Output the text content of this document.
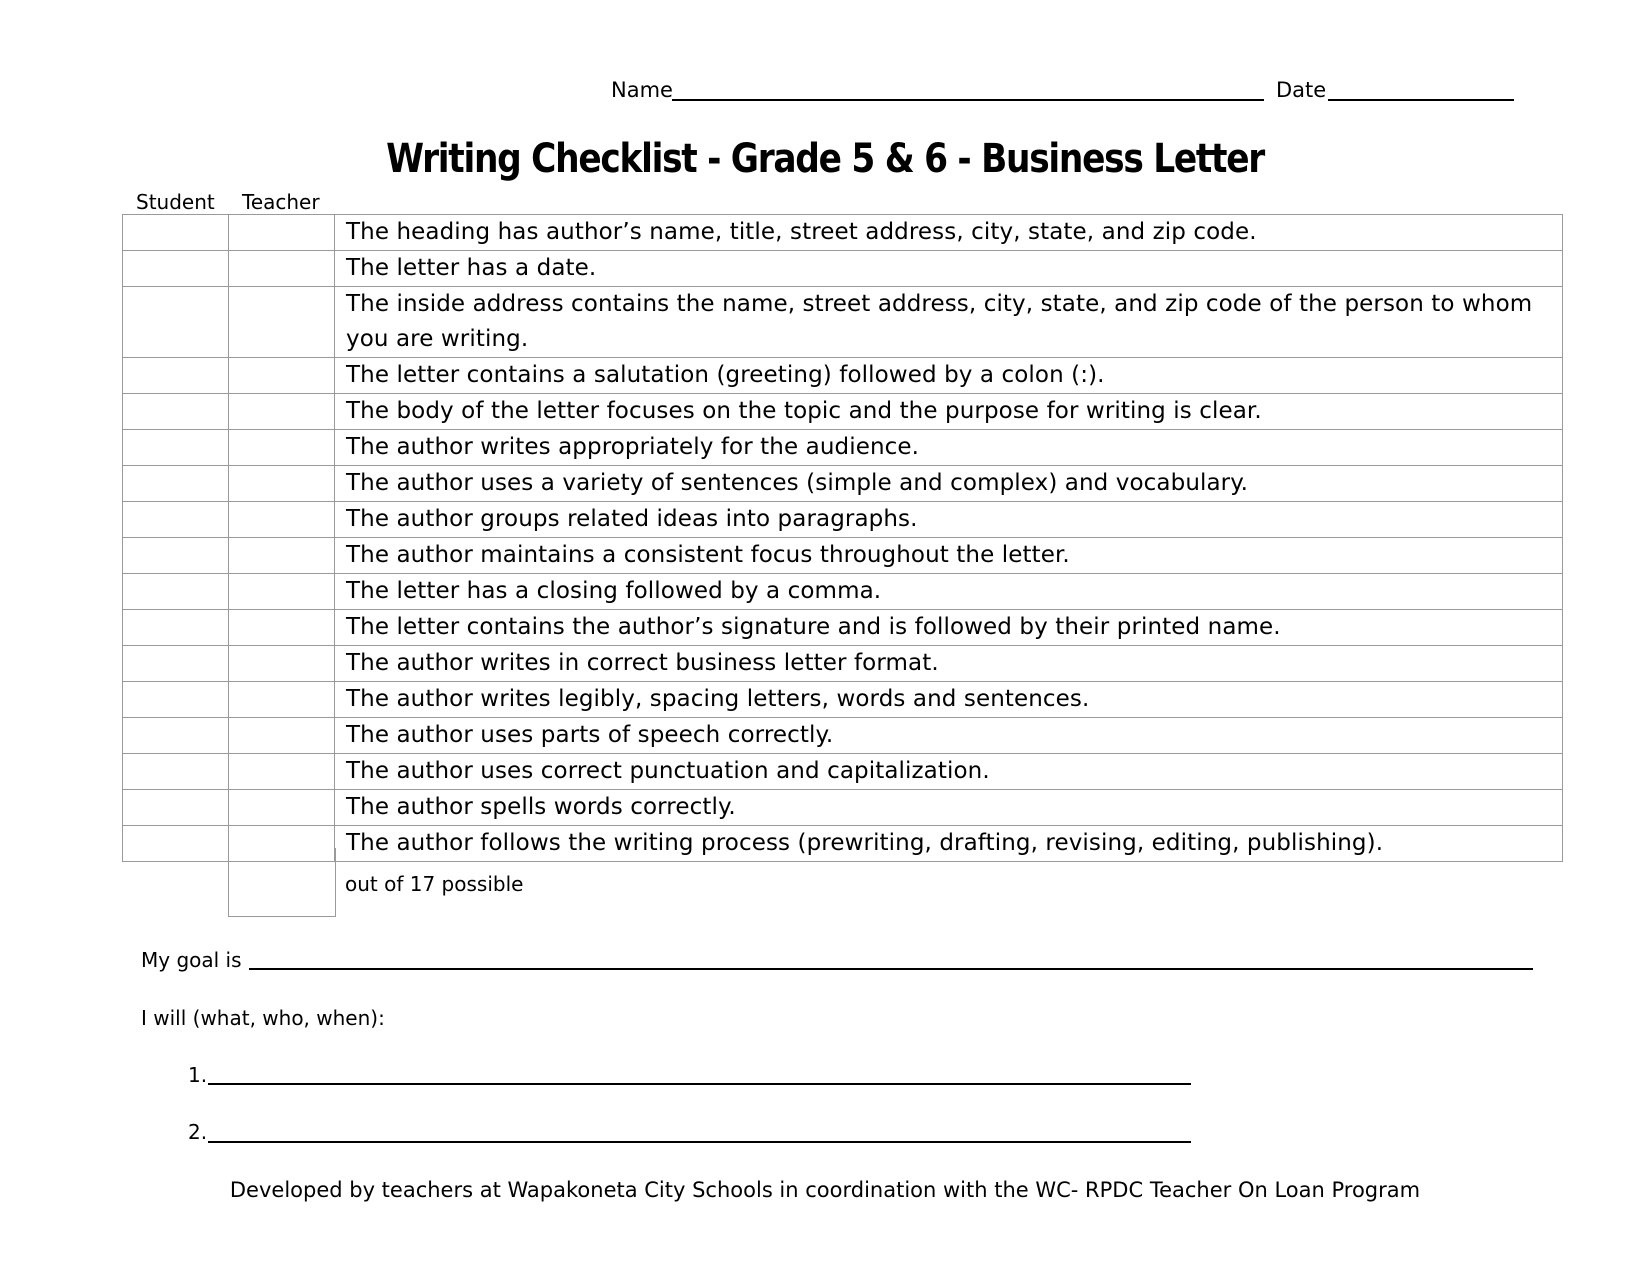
Name	Date
Writing Checklist - Grade 5 & 6 - Business Letter
Student Teacher
		The heading has author’s name, title, street address, city, state, and zip code.
		The letter has a date.
		The inside address contains the name, street address, city, state, and zip code of the person to whom you are writing.
		The letter contains a salutation (greeting) followed by a colon (:).
		The body of the letter focuses on the topic and the purpose for writing is clear.
		The author writes appropriately for the audience.
		The author uses a variety of sentences (simple and complex) and vocabulary.
		The author groups related ideas into paragraphs.
		The author maintains a consistent focus throughout the letter.
		The letter has a closing followed by a comma.
		The letter contains the author’s signature and is followed by their printed name.
		The author writes in correct business letter format.
		The author writes legibly, spacing letters, words and sentences.
		The author uses parts of speech correctly.
		The author uses correct punctuation and capitalization.
		The author spells words correctly.
		The author follows the writing process (prewriting, drafting, revising, editing, publishing).
out of 17 possible
My goal is
I will (what, who, when):
1.
2.
Developed by teachers at Wapakoneta City Schools in coordination with the WC- RPDC Teacher On Loan Program
